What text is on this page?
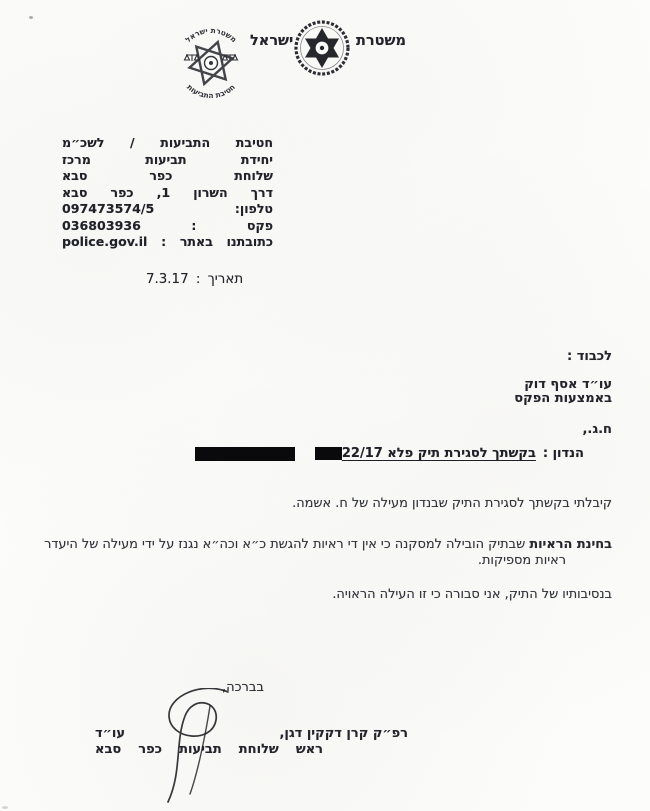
משטרת ישראל
חטיבת התביעות
משטרת
ישראל
חטיבת התביעות / לשכ״מ
יחידת תביעות מרכז
שלוחת כפר סבא
דרך השרון 1, כפר סבא
טלפון: 097473574/5
פקס : 036803936
כתובתנו באתר : police.gov.il
תאריך : 7.3.17
לכבוד :
עו״ד אסף דוק
באמצעות הפקס
ח.ג.,
הנדון :
בקשתך לסגירת תיק פלא 22/17
קיבלתי בקשתך לסגירת התיק שבנדון מעילה של ח. אשמה.
בחינת הראיות שבתיק הובילה למסקנה כי אין די ראיות להגשת כ״א וכה״א נגנז על ידי מעילה של היעדר
ראיות מספיקות.
בנסיבותיו של התיק, אני סבורה כי זו העילה הראויה.
בברכה,
רפ״ק קרן דקקין דגן,
עו״ד
ראש שלוחת תביעות כפר סבא
